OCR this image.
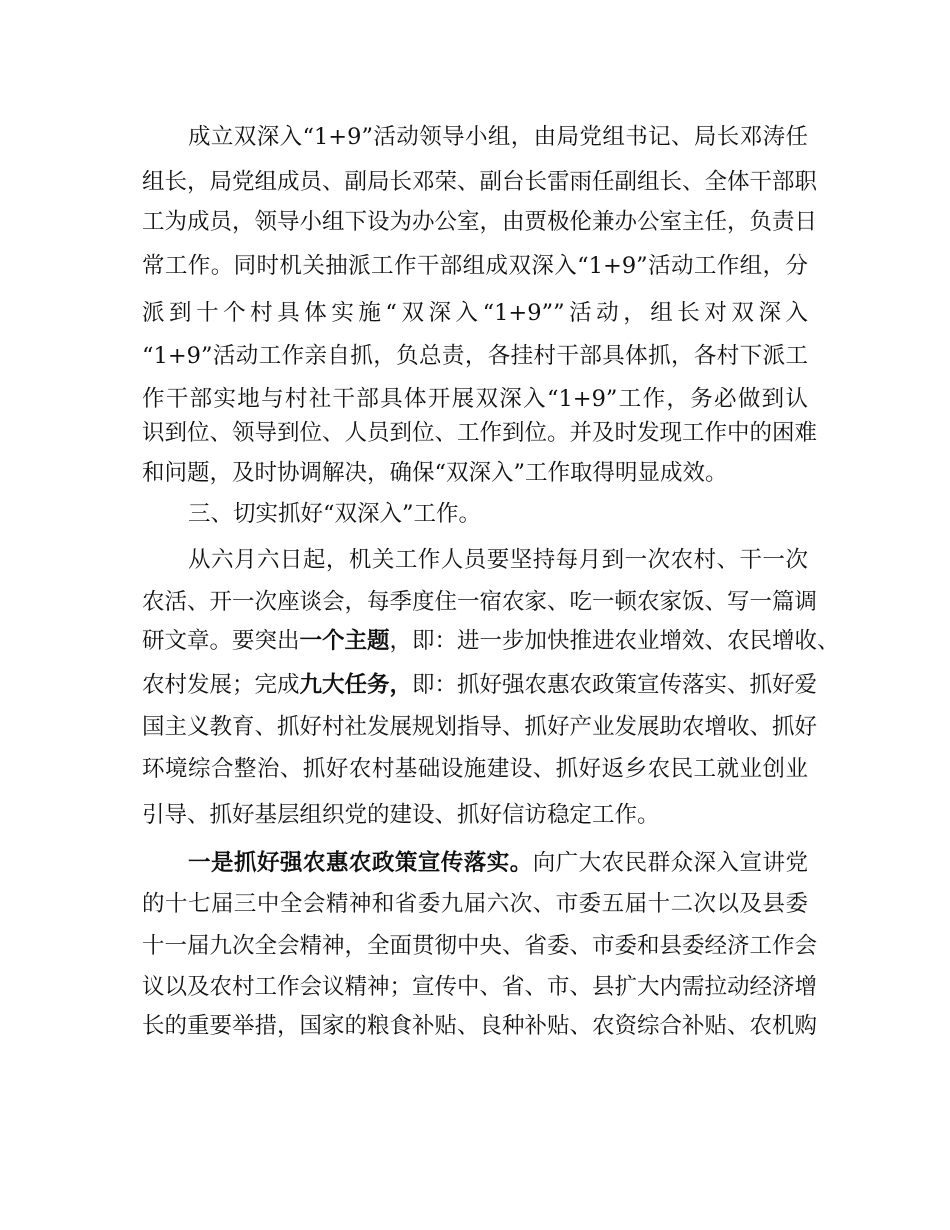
成立双深入“1+9”活动领导小组，由局党组书记、局长邓涛任
组长，局党组成员、副局长邓荣、副台长雷雨任副组长、全体干部职
工为成员，领导小组下设为办公室，由贾极伦兼办公室主任，负责日
常工作。同时机关抽派工作干部组成双深入“1+9”活动工作组，分
派到十个村具体实施“双深入“1+9””活动，组长对双深入
“1+9”活动工作亲自抓，负总责，各挂村干部具体抓，各村下派工
作干部实地与村社干部具体开展双深入“1+9”工作，务必做到认
识到位、领导到位、人员到位、工作到位。并及时发现工作中的困难
和问题，及时协调解决，确保“双深入”工作取得明显成效。
三、切实抓好“双深入”工作。
从六月六日起，机关工作人员要坚持每月到一次农村、干一次
农活、开一次座谈会，每季度住一宿农家、吃一顿农家饭、写一篇调
研文章。要突出一个主题，即：进一步加快推进农业增效、农民增收、
农村发展；完成九大任务，即：抓好强农惠农政策宣传落实、抓好爱
国主义教育、抓好村社发展规划指导、抓好产业发展助农增收、抓好
环境综合整治、抓好农村基础设施建设、抓好返乡农民工就业创业
引导、抓好基层组织党的建设、抓好信访稳定工作。
一是抓好强农惠农政策宣传落实。向广大农民群众深入宣讲党
的十七届三中全会精神和省委九届六次、市委五届十二次以及县委
十一届九次全会精神，全面贯彻中央、省委、市委和县委经济工作会
议以及农村工作会议精神；宣传中、省、市、县扩大内需拉动经济增
长的重要举措，国家的粮食补贴、良种补贴、农资综合补贴、农机购
